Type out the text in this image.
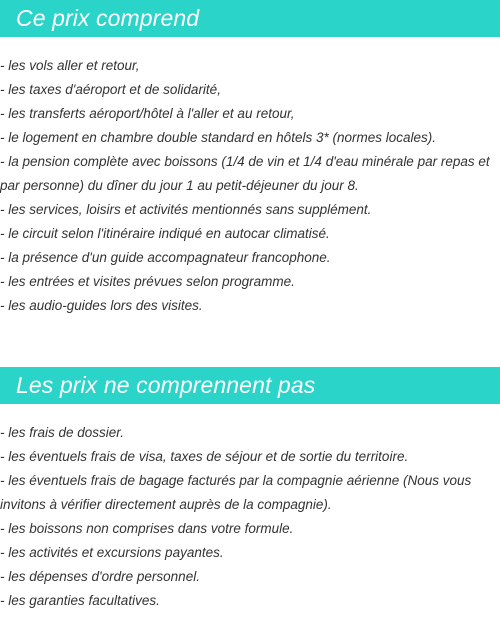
Ce prix comprend
- les vols aller et retour,
- les taxes d'aéroport et de solidarité,
- les transferts aéroport/hôtel à l'aller et au retour,
- le logement en chambre double standard en hôtels 3* (normes locales).
- la pension complète avec boissons (1/4 de vin et 1/4 d'eau minérale par repas et par personne) du dîner du jour 1 au petit-déjeuner du jour 8.
- les services, loisirs et activités mentionnés sans supplément.
- le circuit selon l'itinéraire indiqué en autocar climatisé.
- la présence d'un guide accompagnateur francophone.
- les entrées et visites prévues selon programme.
- les audio-guides lors des visites.
Les prix ne comprennent pas
- les frais de dossier.
- les éventuels frais de visa, taxes de séjour et de sortie du territoire.
- les éventuels frais de bagage facturés par la compagnie aérienne (Nous vous invitons à vérifier directement auprès de la compagnie).
- les boissons non comprises dans votre formule.
- les activités et excursions payantes.
- les dépenses d'ordre personnel.
- les garanties facultatives.
